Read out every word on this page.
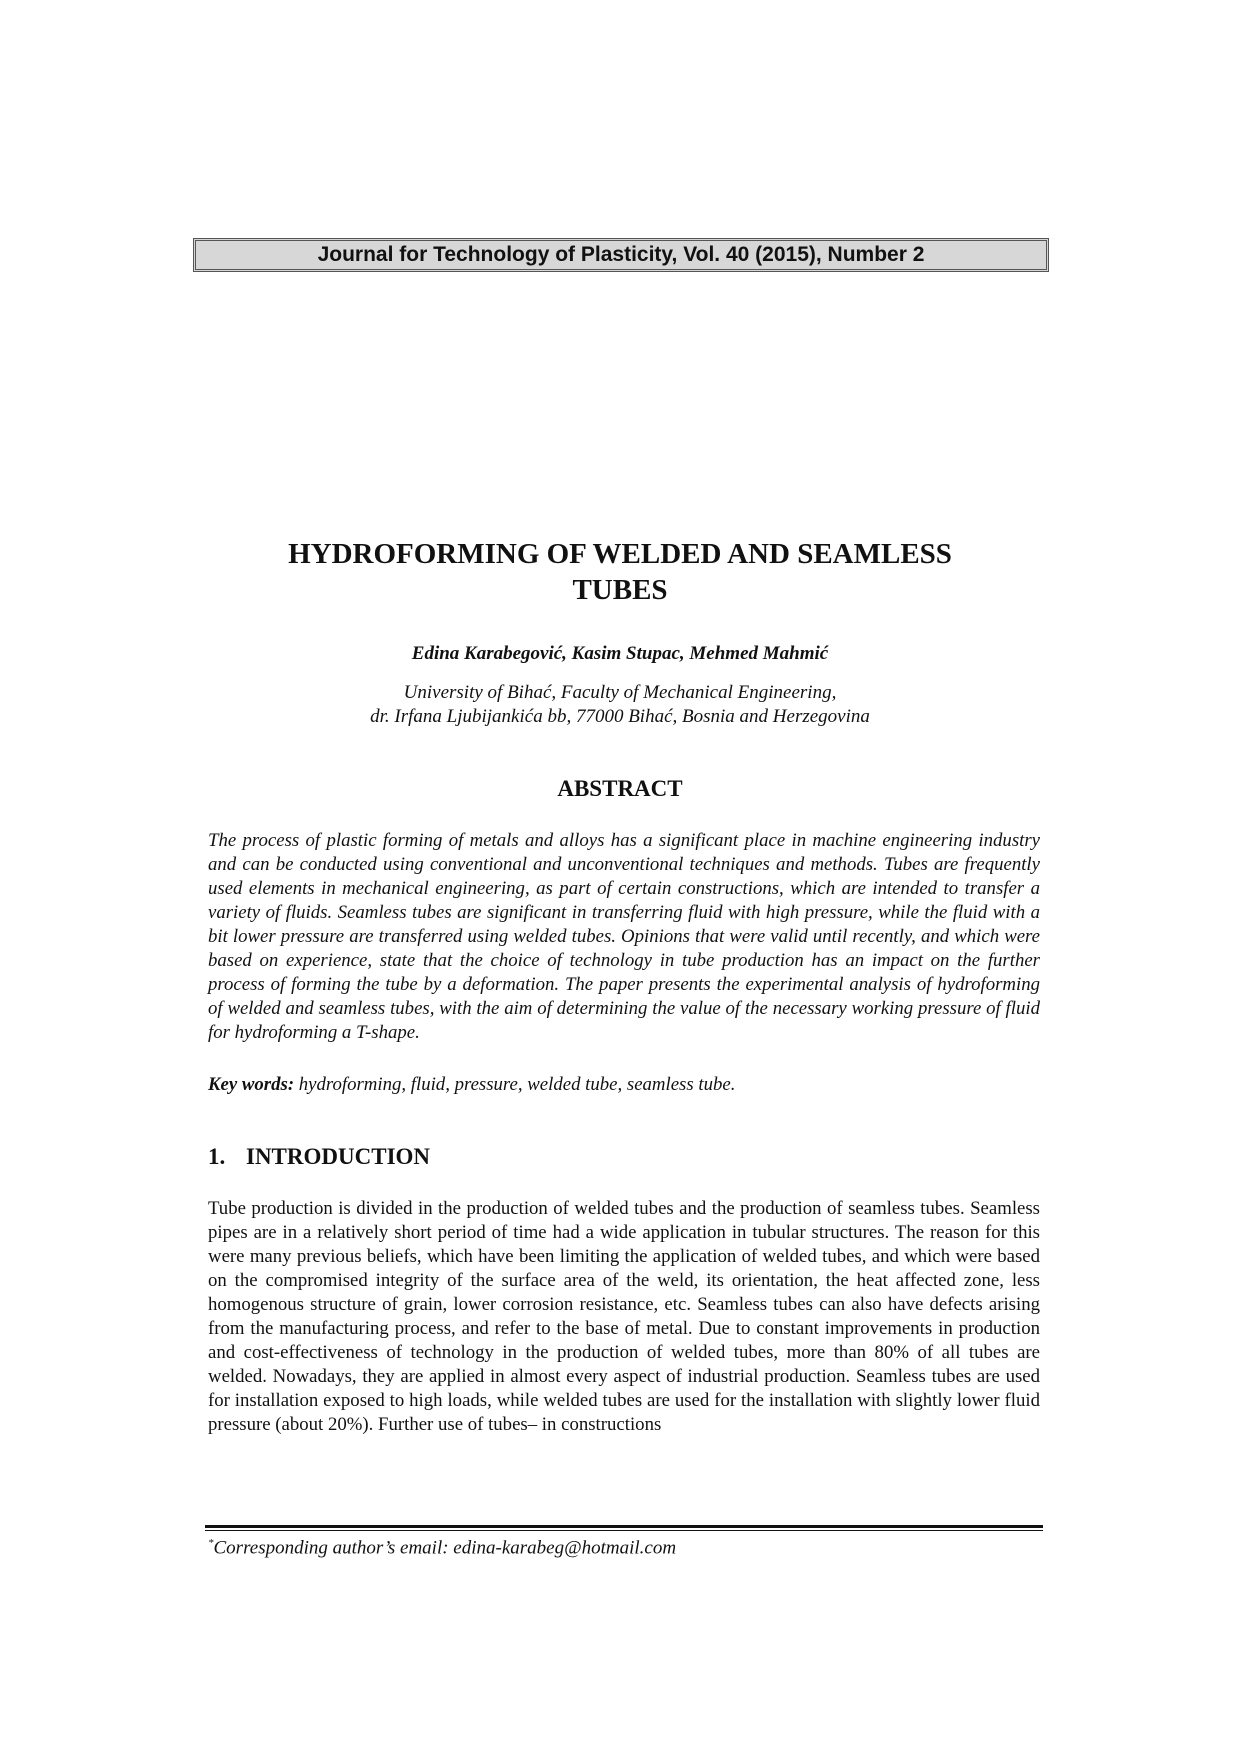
Journal for Technology of Plasticity, Vol. 40 (2015), Number 2
HYDROFORMING OF WELDED AND SEAMLESS
TUBES
Edina Karabegović, Kasim Stupac, Mehmed Mahmić
University of Bihać, Faculty of Mechanical Engineering,
dr. Irfana Ljubijankića bb, 77000 Bihać, Bosnia and Herzegovina
ABSTRACT

The process of plastic forming of metals and alloys has a significant place in machine engineering industry and can be conducted using conventional and unconventional techniques and methods. Tubes are frequently used elements in mechanical engineering, as part of certain constructions, which are intended to transfer a variety of fluids. Seamless tubes are significant in transferring fluid with high pressure, while the fluid with a bit lower pressure are transferred using welded tubes. Opinions that were valid until recently, and which were based on experience, state that the choice of technology in tube production has an impact on the further process of forming the tube by a deformation. The paper presents the experimental analysis of hydroforming of welded and seamless tubes, with the aim of determining the value of the necessary working pressure of fluid for hydroforming a T-shape.

Key words: hydroforming, fluid, pressure, welded tube, seamless tube.

1. INTRODUCTION

Tube production is divided in the production of welded tubes and the production of seamless tubes. Seamless pipes are in a relatively short period of time had a wide application in tubular structures. The reason for this were many previous beliefs, which have been limiting the application of welded tubes, and which were based on the compromised integrity of the surface area of the weld, its orientation, the heat affected zone, less homogenous structure of grain, lower corrosion resistance, etc. Seamless tubes can also have defects arising from the manufacturing process, and refer to the base of metal. Due to constant improvements in production and cost-effectiveness of technology in the production of welded tubes, more than 80% of all tubes are welded. Nowadays, they are applied in almost every aspect of industrial production. Seamless tubes are used for installation exposed to high loads, while welded tubes are used for the installation with slightly lower fluid pressure (about 20%). Further use of tubes– in constructions

*Corresponding author’s email: edina-karabeg@hotmail.com
